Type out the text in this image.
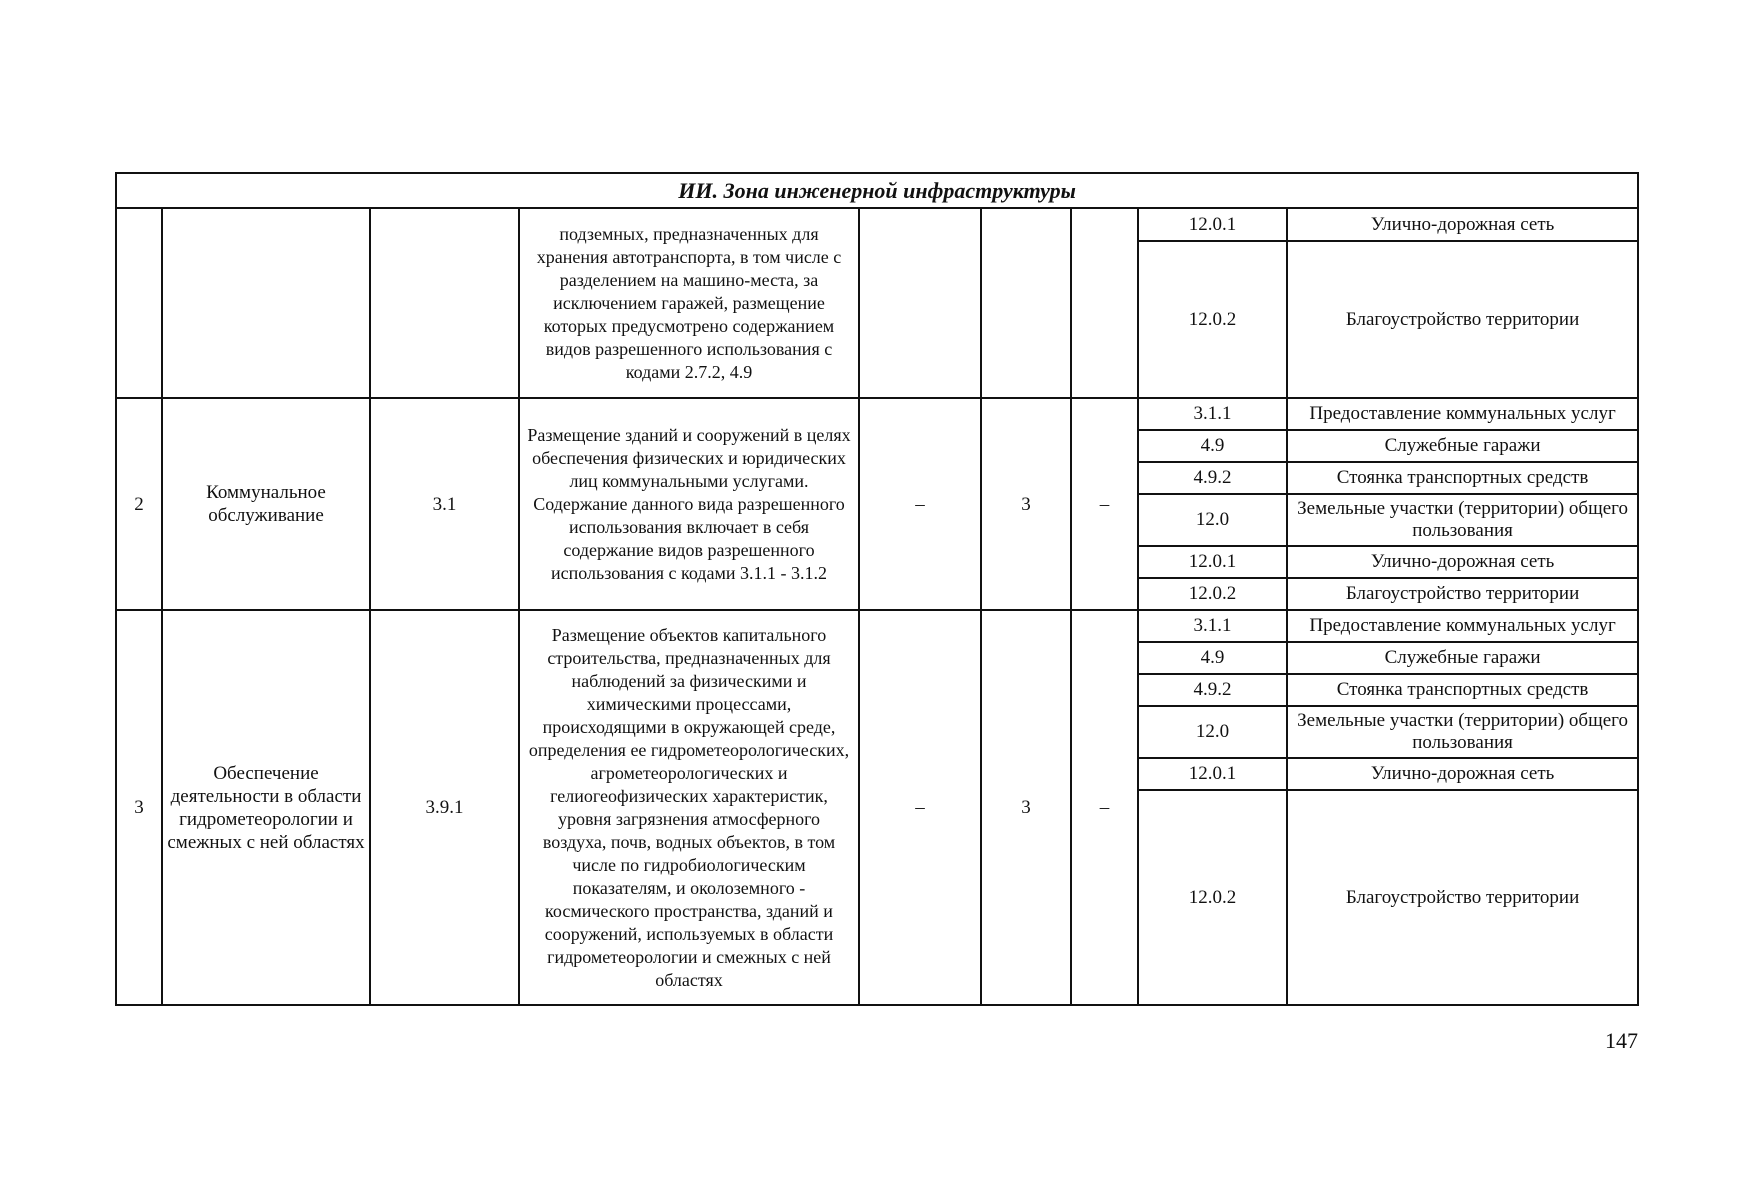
ИИ. Зона инженерной инфраструктуры								
			подземных, предназначенных для хранения автотранспорта, в том числе с разделением на машино-места, за исключением гаражей, размещение которых предусмотрено содержанием видов разрешенного использования с кодами 2.7.2, 4.9				12.0.1	Улично-дорожная сеть
							12.0.2	Благоустройство территории
2	Коммунальное обслуживание	3.1	Размещение зданий и сооружений в целях обеспечения физических и юридических лиц коммунальными услугами. Содержание данного вида разрешенного использования включает в себя содержание видов разрешенного использования с кодами 3.1.1 - 3.1.2	–	3	–	3.1.1	Предоставление коммунальных услуг
							4.9	Служебные гаражи
							4.9.2	Стоянка транспортных средств
							12.0	Земельные участки (территории) общего пользования
							12.0.1	Улично-дорожная сеть
							12.0.2	Благоустройство территории
3	Обеспечение деятельности в области гидрометеорологии и смежных с ней областях	3.9.1	Размещение объектов капитального строительства, предназначенных для наблюдений за физическими и химическими процессами, происходящими в окружающей среде, определения ее гидрометеорологических, агрометеорологических и гелиогеофизических характеристик, уровня загрязнения атмосферного воздуха, почв, водных объектов, в том числе по гидробиологическим показателям, и околоземного - космического пространства, зданий и сооружений, используемых в области гидрометеорологии и смежных с ней областях	–	3	–	3.1.1	Предоставление коммунальных услуг
							4.9	Служебные гаражи
							4.9.2	Стоянка транспортных средств
							12.0	Земельные участки (территории) общего пользования
							12.0.1	Улично-дорожная сеть
							12.0.2	Благоустройство территории
147
